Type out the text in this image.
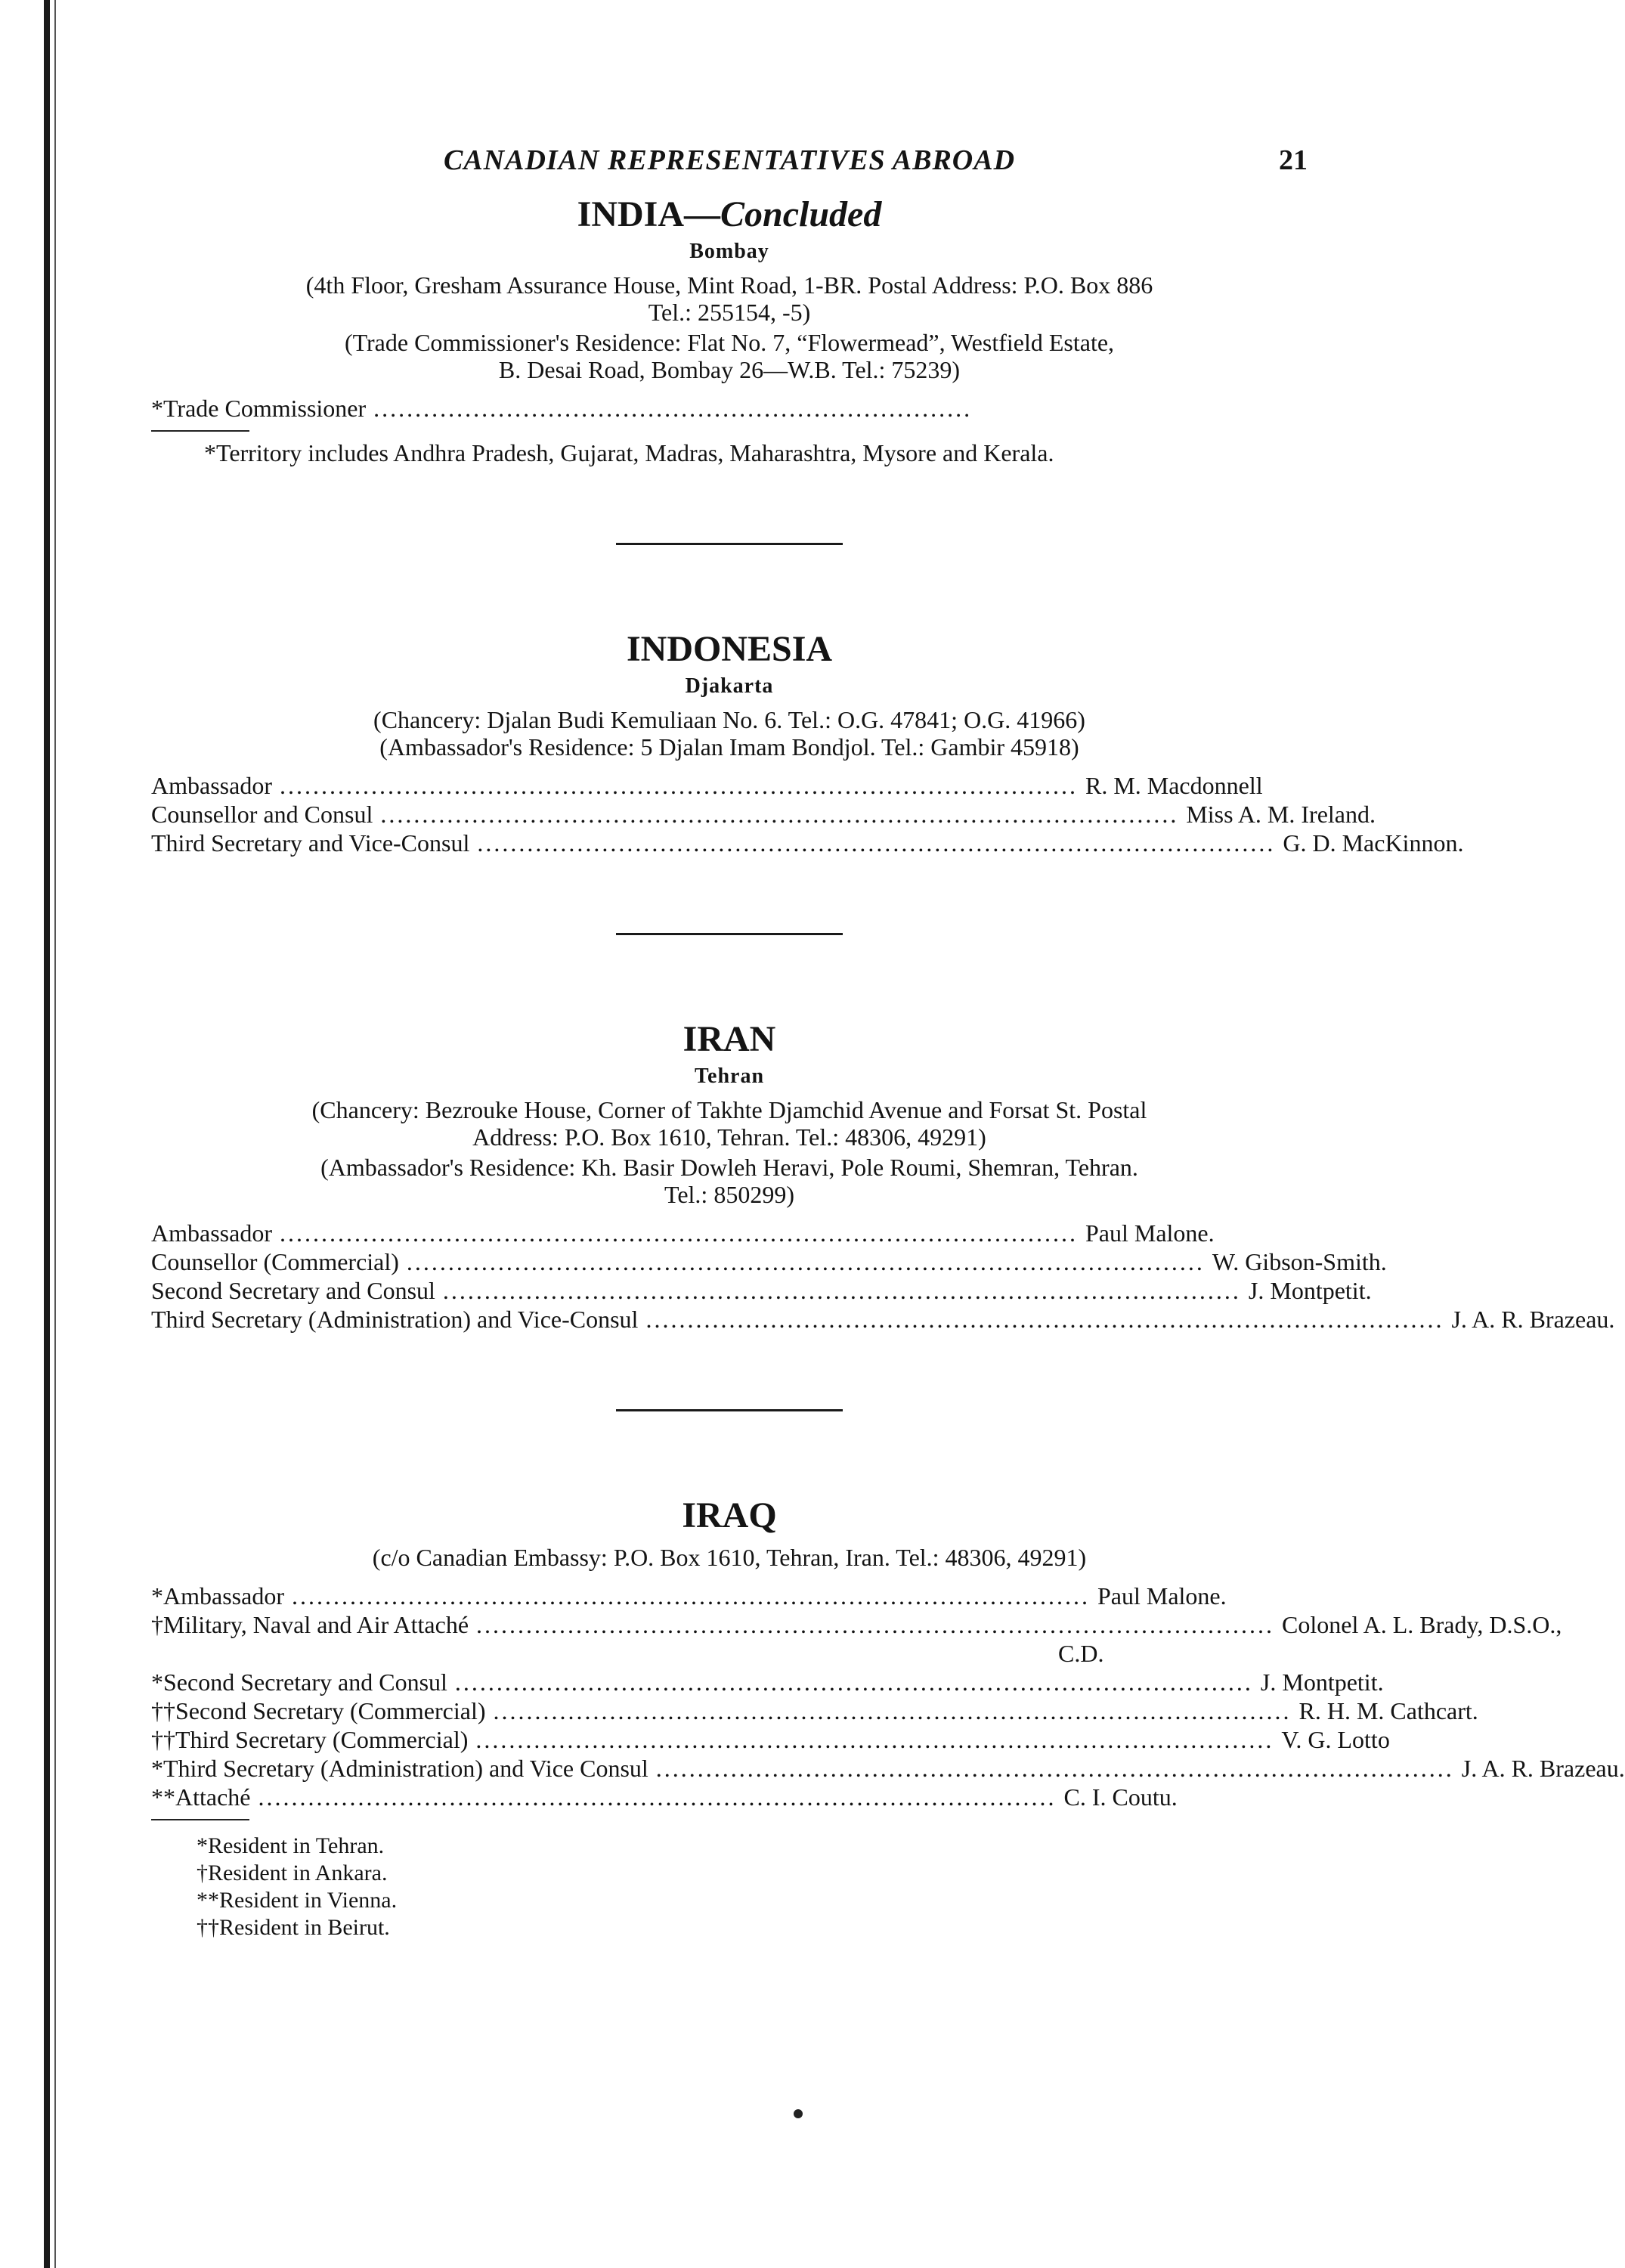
CANADIAN REPRESENTATIVES ABROAD	21
INDIA—Concluded
Bombay
(4th Floor, Gresham Assurance House, Mint Road, 1-BR. Postal Address: P.O. Box 886
Tel.: 255154, -5)
(Trade Commissioner's Residence: Flat No. 7, “Flowermead”, Westfield Estate,
B. Desai Road, Bombay 26—W.B. Tel.: 75239)
*Trade Commissioner ........................................................................
*Territory includes Andhra Pradesh, Gujarat, Madras, Maharashtra, Mysore and Kerala.
INDONESIA
Djakarta
(Chancery: Djalan Budi Kemuliaan No. 6. Tel.: O.G. 47841; O.G. 41966)
(Ambassador's Residence: 5 Djalan Imam Bondjol. Tel.: Gambir 45918)
Ambassador ................................................................................................ R. M. Macdonnell
Counsellor and Consul ................................................................................................ Miss A. M. Ireland.
Third Secretary and Vice-Consul ................................................................................................ G. D. MacKinnon.
IRAN
Tehran
(Chancery: Bezrouke House, Corner of Takhte Djamchid Avenue and Forsat St. Postal
Address: P.O. Box 1610, Tehran. Tel.: 48306, 49291)
(Ambassador's Residence: Kh. Basir Dowleh Heravi, Pole Roumi, Shemran, Tehran.
Tel.: 850299)
Ambassador ................................................................................................ Paul Malone.
Counsellor (Commercial) ................................................................................................ W. Gibson-Smith.
Second Secretary and Consul ................................................................................................ J. Montpetit.
Third Secretary (Administration) and Vice-Consul ................................................................................................ J. A. R. Brazeau.
IRAQ
(c/o Canadian Embassy: P.O. Box 1610, Tehran, Iran. Tel.: 48306, 49291)
*Ambassador ................................................................................................ Paul Malone.
†Military, Naval and Air Attaché ................................................................................................ Colonel A. L. Brady, D.S.O.,
C.D.
*Second Secretary and Consul ................................................................................................ J. Montpetit.
††Second Secretary (Commercial) ................................................................................................ R. H. M. Cathcart.
††Third Secretary (Commercial) ................................................................................................ V. G. Lotto
*Third Secretary (Administration) and Vice Consul ................................................................................................ J. A. R. Brazeau.
**Attaché ................................................................................................ C. I. Coutu.
*Resident in Tehran.
†Resident in Ankara.
**Resident in Vienna.
††Resident in Beirut.
